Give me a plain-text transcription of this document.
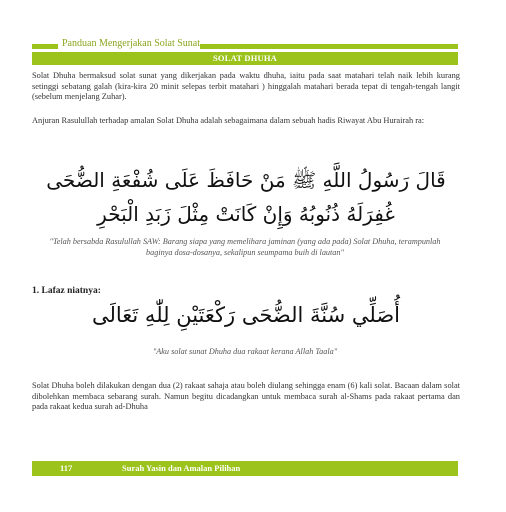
Panduan Mengerjakan Solat Sunat
SOLAT DHUHA

Solat Dhuha bermaksud solat sunat yang dikerjakan pada waktu dhuha, iaitu pada saat matahari telah naik lebih kurang setinggi sebatang galah (kira-kira 20 minit selepas terbit matahari ) hinggalah matahari berada tepat di tengah-tengah langit (sebelum menjelang Zuhar).

Anjuran Rasulullah terhadap amalan Solat Dhuha adalah sebagaimana dalam sebuah hadis Riwayat Abu Hurairah ra:

قَالَ رَسُولُ اللَّهِ ﷺ مَنْ حَافَظَ عَلَى شُفْعَةِ الضُّحَى غُفِرَلَهُ ذُنُوبُهُ وَإِنْ كَانَتْ مِثْلَ زَبَدِ الْبَحْرِ
"Telah bersabda Rasulullah SAW: Barang siapa yang memelihara jaminan (yang ada pada) Solat Dhuha, terampunlah baginya dosa-dosanya, sekalipun seumpama buih di lautan"
1. Lafaz niatnya:
أُصَلِّي سُنَّةَ الضُّحَى رَكْعَتَيْنِ لِلّٰهِ تَعَالَى
"Aku solat sunat Dhuha dua rakaat kerana Allah Taala"

Solat Dhuha boleh dilakukan dengan dua (2) rakaat sahaja atau boleh diulang sehingga enam (6) kali solat. Bacaan dalam solat dibolehkan membaca sebarang surah. Namun begitu dicadangkan untuk membaca surah al-Shams pada rakaat pertama dan pada rakaat kedua surah ad-Dhuha

117	Surah Yasin dan Amalan Pilihan
